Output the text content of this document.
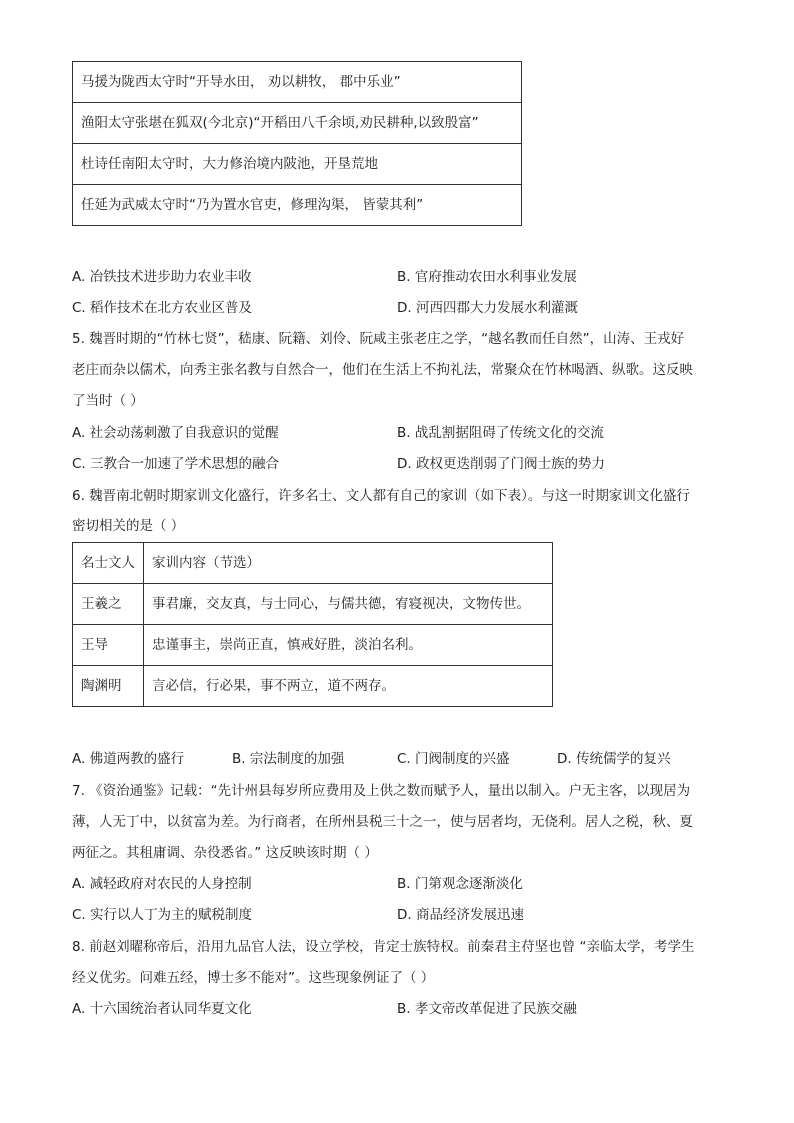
马援为陇西太守时“开导水田， 劝以耕牧， 郡中乐业”
渔阳太守张堪在狐双(今北京)“开稻田八千余顷,劝民耕种,以致殷富”
杜诗任南阳太守时，大力修治境内陂池，开垦荒地
任延为武威太守时“乃为置水官吏，修理沟渠， 皆蒙其利”
A. 冶铁技术进步助力农业丰收	B. 官府推动农田水利事业发展
C. 稻作技术在北方农业区普及	D. 河西四郡大力发展水利灌溉
5. 魏晋时期的“竹林七贤”，嵇康、阮籍、刘伶、阮咸主张老庄之学，“越名教而任自然”，山涛、王戎好
老庄而杂以儒术，向秀主张名教与自然合一，他们在生活上不拘礼法，常聚众在竹林喝酒、纵歌。这反映
了当时（ ）
A. 社会动荡刺激了自我意识的觉醒	B. 战乱割据阻碍了传统文化的交流
C. 三教合一加速了学术思想的融合	D. 政权更迭削弱了门阀士族的势力
6. 魏晋南北朝时期家训文化盛行，许多名士、文人都有自己的家训（如下表）。与这一时期家训文化盛行
密切相关的是（ ）
名士文人	家训内容（节选）
王羲之	事君廉，交友真，与士同心，与儒共德，宥寝视决，文物传世。
王导	忠谨事主，崇尚正直，慎戒好胜，淡泊名利。
陶渊明	言必信，行必果，事不两立，道不两存。
A. 佛道两教的盛行	B. 宗法制度的加强	C. 门阀制度的兴盛	D. 传统儒学的复兴
7. 《资治通鉴》记载：“先计州县每岁所应费用及上供之数而赋予人，量出以制入。户无主客，以现居为
薄，人无丁中，以贫富为差。为行商者，在所州县税三十之一，使与居者均，无侥利。居人之税，秋、夏
两征之。其租庸调、杂役悉省。” 这反映该时期（ ）
A. 减轻政府对农民的人身控制	B. 门第观念逐渐淡化
C. 实行以人丁为主的赋税制度	D. 商品经济发展迅速
8. 前赵刘曜称帝后，沿用九品官人法，设立学校，肯定士族特权。前秦君主苻坚也曾 “亲临太学，考学生
经义优劣。问难五经，博士多不能对”。这些现象例证了（ ）
A. 十六国统治者认同华夏文化	B. 孝文帝改革促进了民族交融
